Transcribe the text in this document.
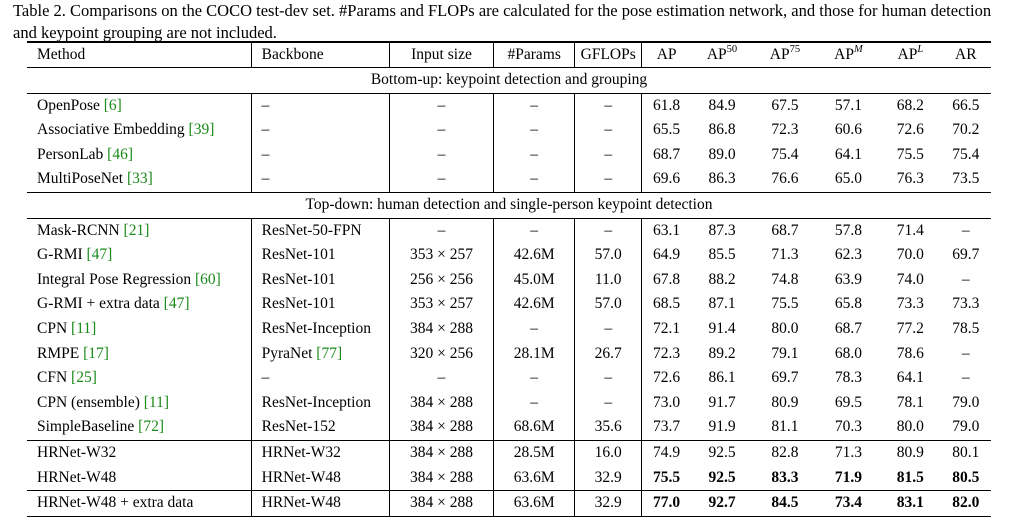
Table 2. Comparisons on the COCO test-dev set. #Params and FLOPs are calculated for the pose estimation network, and those for human detection and keypoint grouping are not included.
Method	Backbone	Input size	#Params	GFLOPs	AP	AP$^{50}$	AP$^{75}$	$AP^M$	$AP^L$	AR
Bottom-up: keypoint detection and grouping										
OpenPose [6]	–	–	–	–	61.8	84.9	67.5	57.1	68.2	66.5
Associative Embedding [39]	–	–	–	–	65.5	86.8	72.3	60.6	72.6	70.2
PersonLab [46]	–	–	–	–	68.7	89.0	75.4	64.1	75.5	75.4
MultiPoseNet [33]	–	–	–	–	69.6	86.3	76.6	65.0	76.3	73.5
Top-down: human detection and single-person keypoint detection										
Mask-RCNN [21]	ResNet-50-FPN	–	–	–	63.1	87.3	68.7	57.8	71.4	–
G-RMI [47]	ResNet-101	353 × 257	42.6M	57.0	64.9	85.5	71.3	62.3	70.0	69.7
Integral Pose Regression [60]	ResNet-101	256 × 256	45.0M	11.0	67.8	88.2	74.8	63.9	74.0	–
G-RMI + extra data [47]	ResNet-101	353 × 257	42.6M	57.0	68.5	87.1	75.5	65.8	73.3	73.3
CPN [11]	ResNet-Inception	384 × 288	–	–	72.1	91.4	80.0	68.7	77.2	78.5
RMPE [17]	PyraNet [77]	320 × 256	28.1M	26.7	72.3	89.2	79.1	68.0	78.6	–
CFN [25]	–	–	–	–	72.6	86.1	69.7	78.3	64.1	–
CPN (ensemble) [11]	ResNet-Inception	384 × 288	–	–	73.0	91.7	80.9	69.5	78.1	79.0
SimpleBaseline [72]	ResNet-152	384 × 288	68.6M	35.6	73.7	91.9	81.1	70.3	80.0	79.0
HRNet-W32	HRNet-W32	384 × 288	28.5M	16.0	74.9	92.5	82.8	71.3	80.9	80.1
HRNet-W48	HRNet-W48	384 × 288	63.6M	32.9	75.5	92.5	83.3	71.9	81.5	80.5
HRNet-W48 + extra data	HRNet-W48	384 × 288	63.6M	32.9	77.0	92.7	84.5	73.4	83.1	82.0
